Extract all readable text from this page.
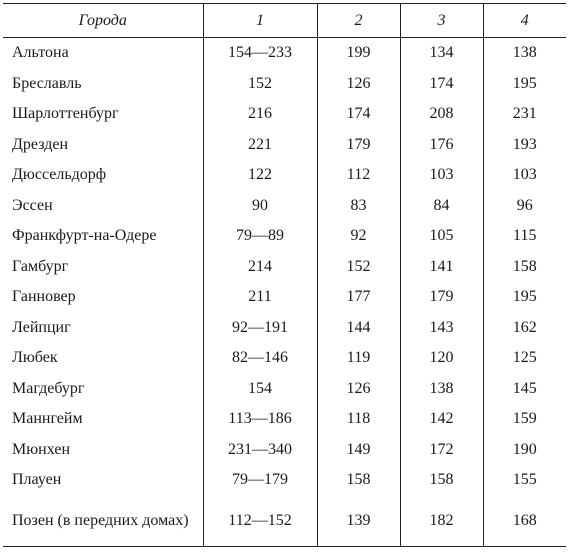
Города	1	2	3	4
Альтона	154—233	199	134	138
Бреславль	152	126	174	195
Шарлоттенбург	216	174	208	231
Дрезден	221	179	176	193
Дюссельдорф	122	112	103	103
Эссен	90	83	84	96
Франкфурт-на-Одере	79—89	92	105	115
Гамбург	214	152	141	158
Ганновер	211	177	179	195
Лейпциг	92—191	144	143	162
Любек	82—146	119	120	125
Магдебург	154	126	138	145
Маннгейм	113—186	118	142	159
Мюнхен	231—340	149	172	190
Плауен	79—179	158	158	155
Позен (в передних домах)	112—152	139	182	168
